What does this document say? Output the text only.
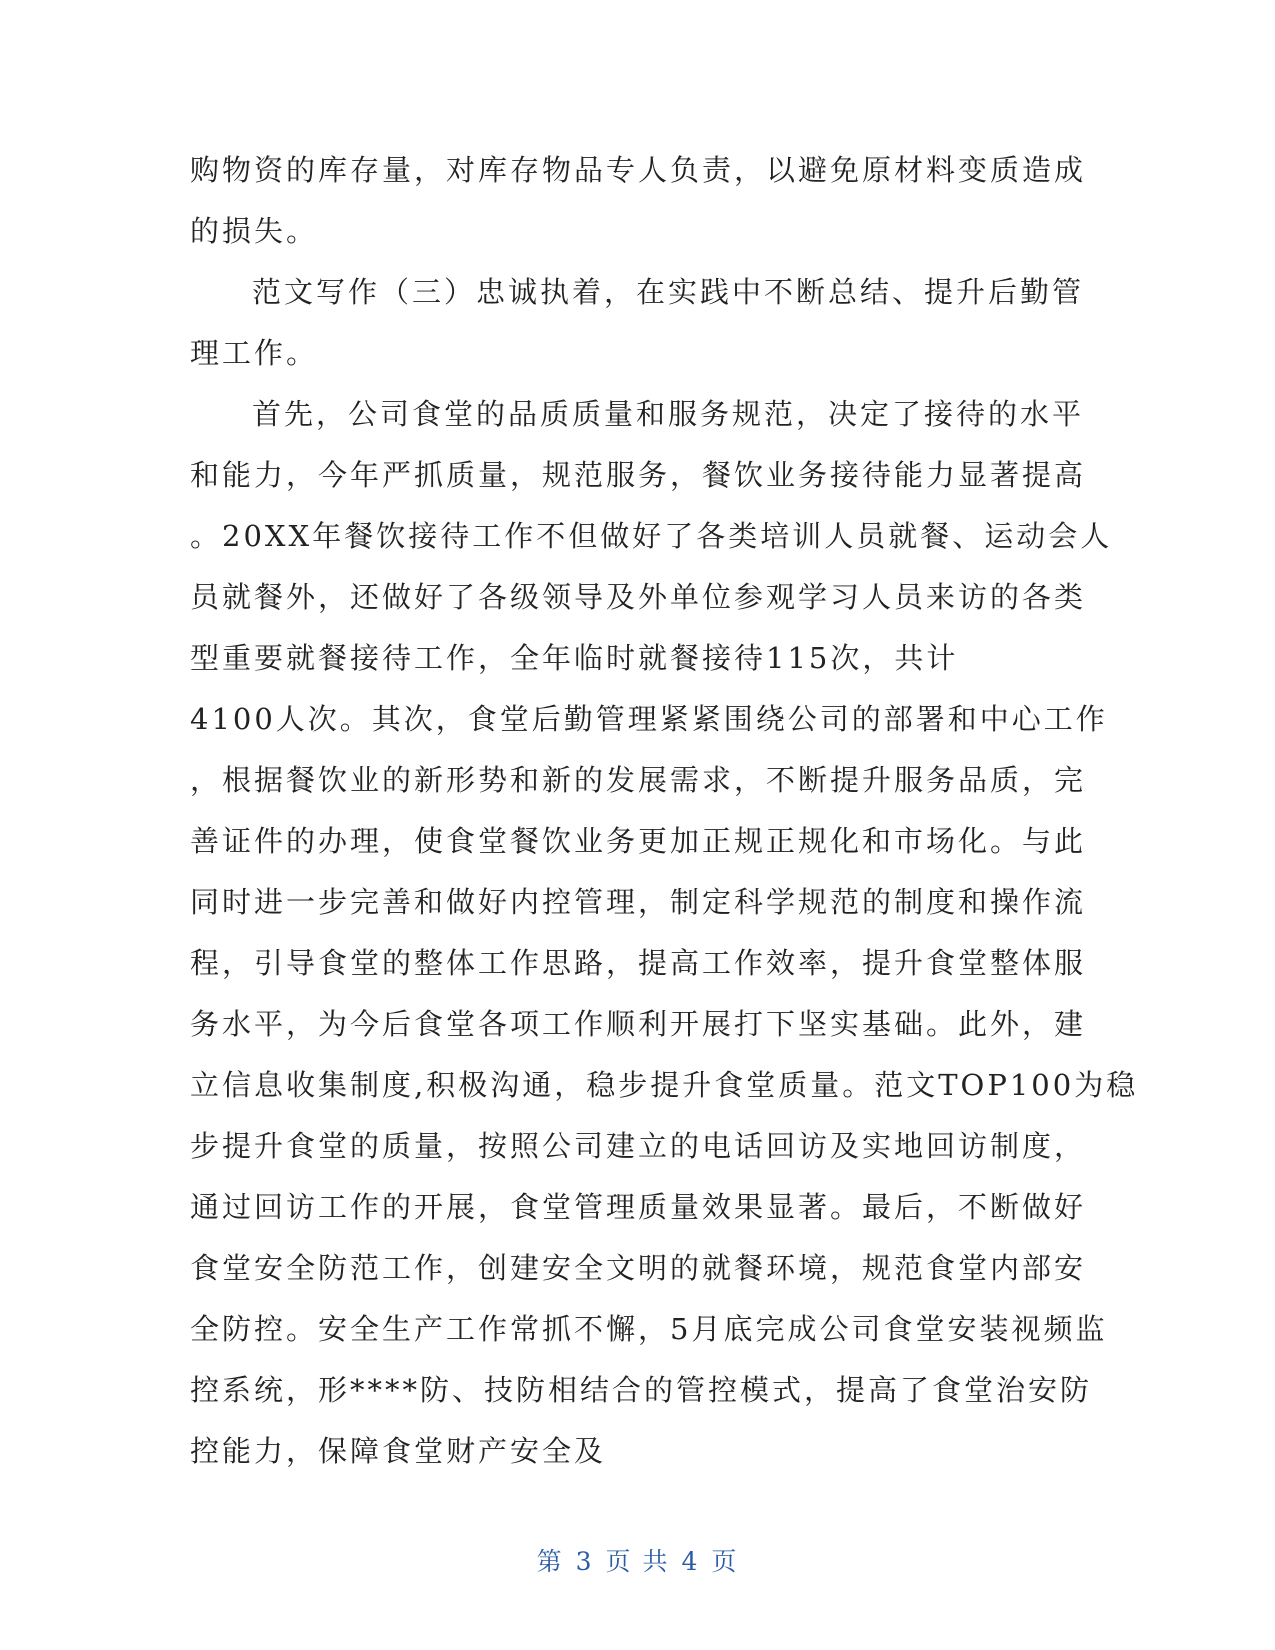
购物资的库存量，对库存物品专人负责，以避免原材料变质造成
的损失。
范文写作（三）忠诚执着，在实践中不断总结、提升后勤管
理工作。
首先，公司食堂的品质质量和服务规范，决定了接待的水平
和能力，今年严抓质量，规范服务，餐饮业务接待能力显著提高
。20XX年餐饮接待工作不但做好了各类培训人员就餐、运动会人
员就餐外，还做好了各级领导及外单位参观学习人员来访的各类
型重要就餐接待工作，全年临时就餐接待115次，共计
4100人次。其次，食堂后勤管理紧紧围绕公司的部署和中心工作
，根据餐饮业的新形势和新的发展需求，不断提升服务品质，完
善证件的办理，使食堂餐饮业务更加正规正规化和市场化。与此
同时进一步完善和做好内控管理，制定科学规范的制度和操作流
程，引导食堂的整体工作思路，提高工作效率，提升食堂整体服
务水平，为今后食堂各项工作顺利开展打下坚实基础。此外，建
立信息收集制度,积极沟通，稳步提升食堂质量。范文TOP100为稳
步提升食堂的质量，按照公司建立的电话回访及实地回访制度，
通过回访工作的开展，食堂管理质量效果显著。最后，不断做好
食堂安全防范工作，创建安全文明的就餐环境，规范食堂内部安
全防控。安全生产工作常抓不懈，5月底完成公司食堂安装视频监
控系统，形****防、技防相结合的管控模式，提高了食堂治安防
控能力，保障食堂财产安全及
第 3 页 共 4 页
